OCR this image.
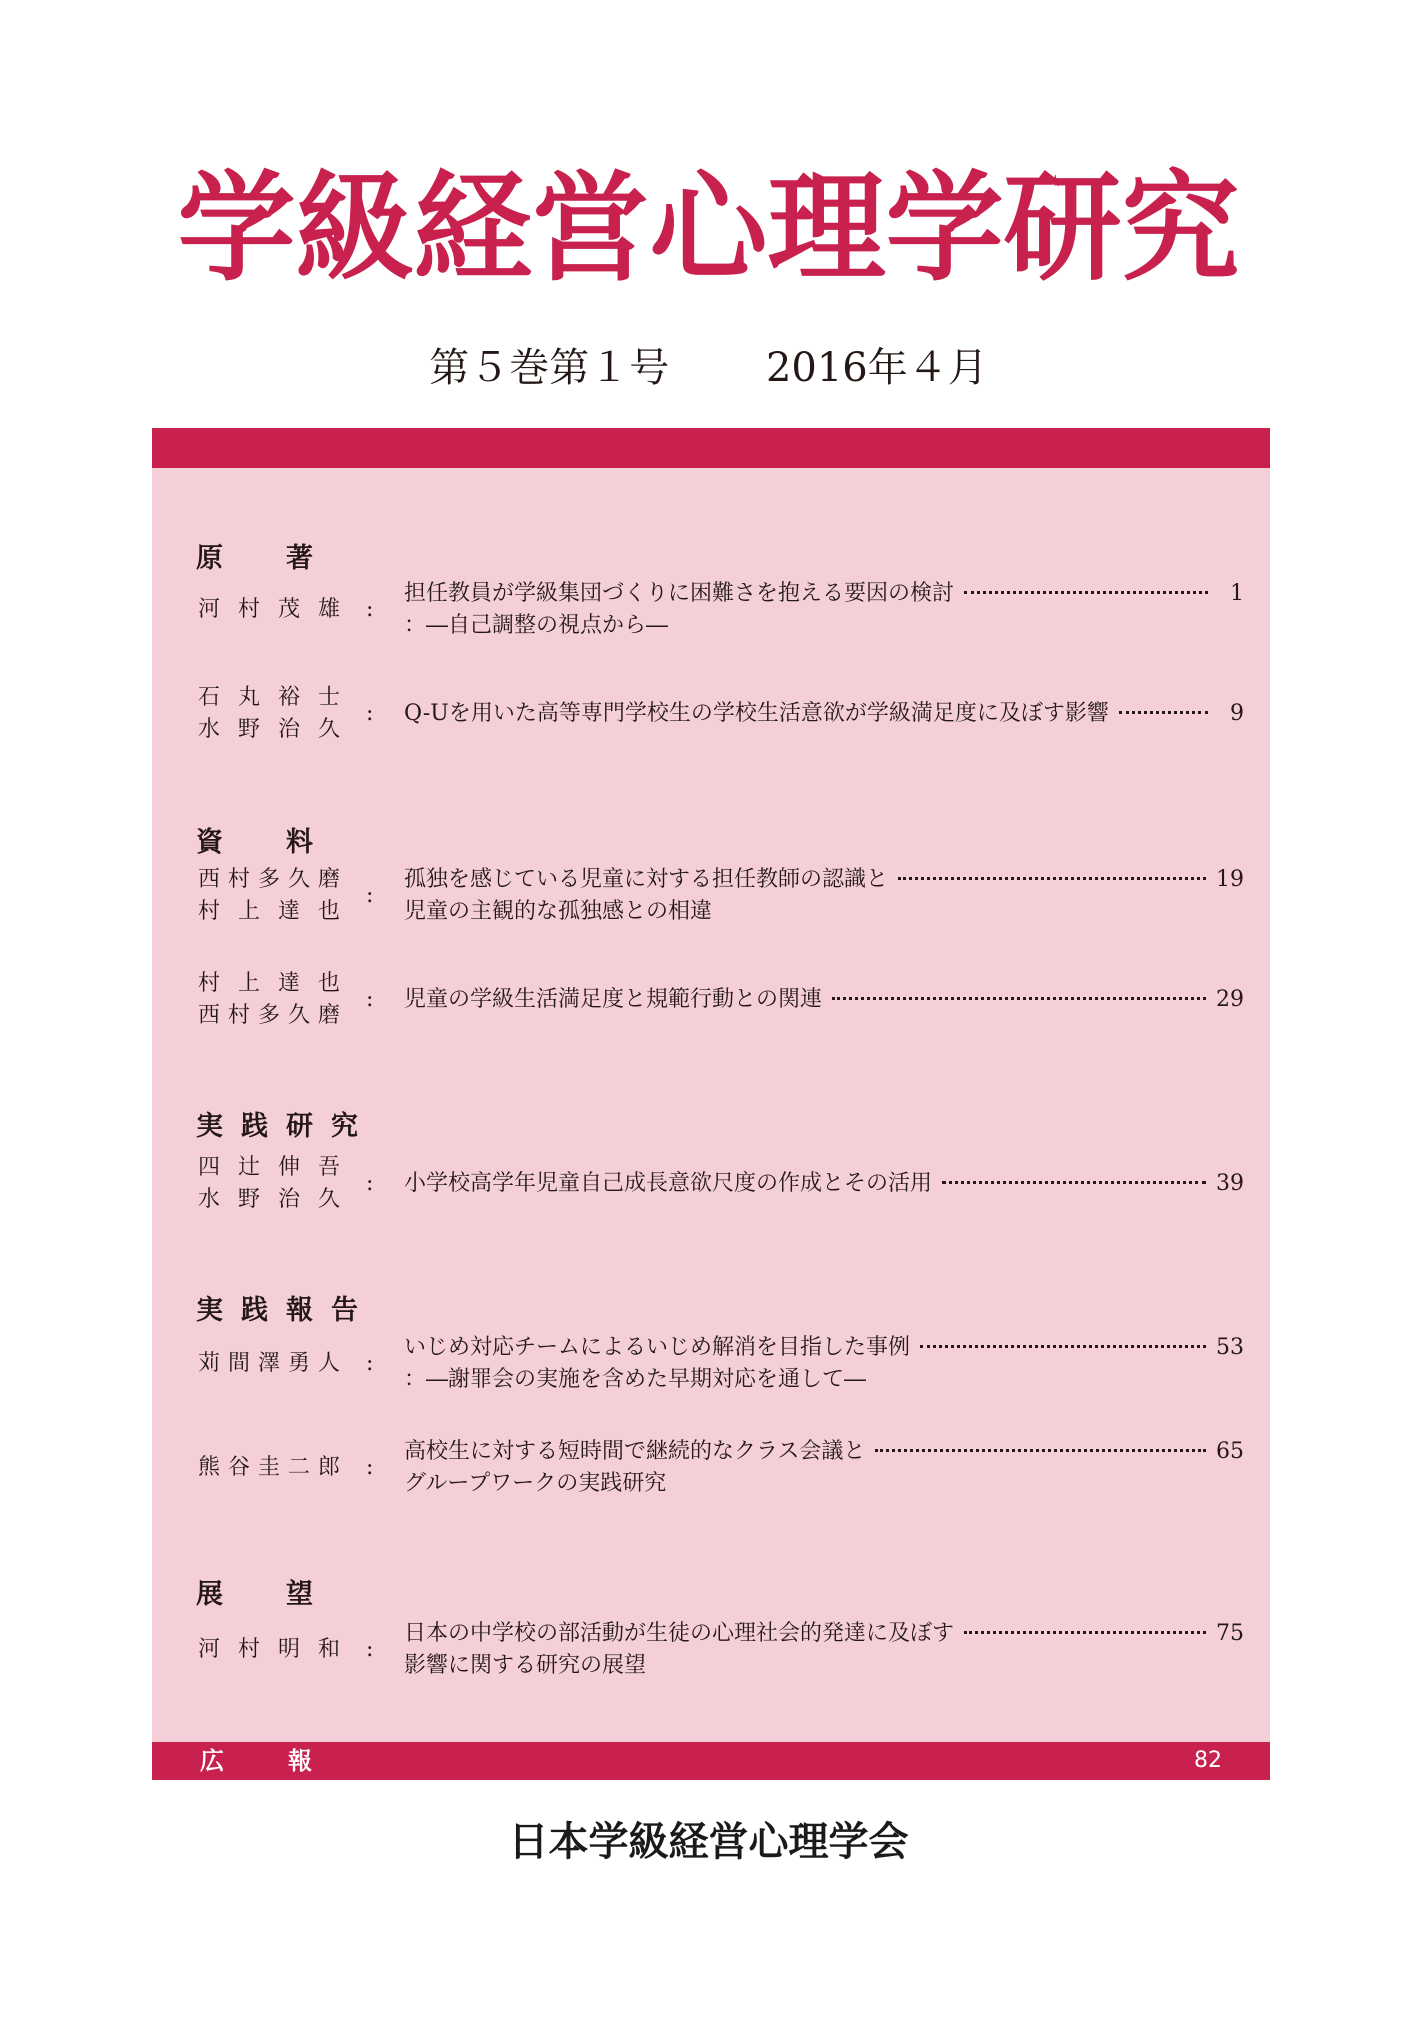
学級経営心理学研究
第５巻第１号 2016年４月
原　著
河 村 茂 雄 :
担任教員が学級集団づくりに困難さを抱える要因の検討	1
：―自己調整の視点から―
石 丸 裕 士
水 野 治 久
: Q-Uを用いた高等専門学校生の学校生活意欲が学級満足度に及ぼす影響	9
資　料
西 村 多 久 磨
村 上 達 也
:
孤独を感じている児童に対する担任教師の認識と	19
児童の主観的な孤独感との相違
村 上 達 也
西 村 多 久 磨
: 児童の学級生活満足度と規範行動との関連	29
実践研究
四 辻 伸 吾
水 野 治 久
: 小学校高学年児童自己成長意欲尺度の作成とその活用	39
実践報告
苅 間 澤 勇 人 :
いじめ対応チームによるいじめ解消を目指した事例	53
：―謝罪会の実施を含めた早期対応を通して―
熊 谷 圭 二 郎 :
高校生に対する短時間で継続的なクラス会議と	65
グループワークの実践研究
展　望
河 村 明 和 :
日本の中学校の部活動が生徒の心理社会的発達に及ぼす	75
影響に関する研究の展望
広　報	82
日本学級経営心理学会
